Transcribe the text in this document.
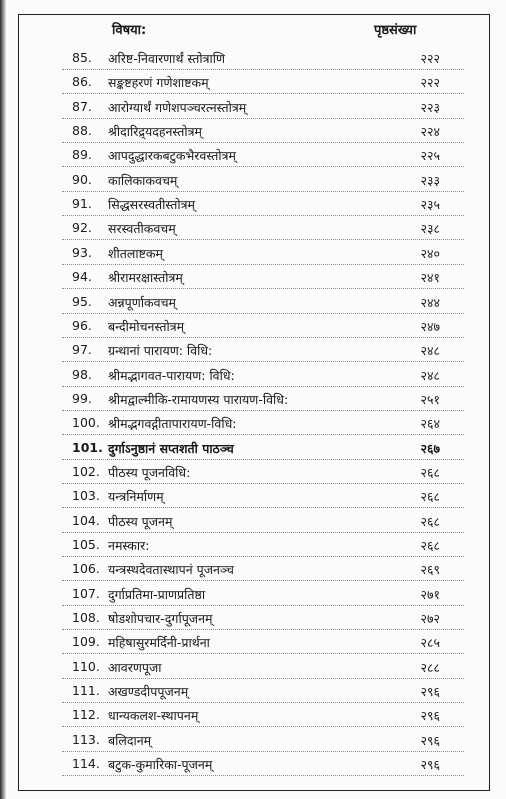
विषया:	पृष्ठसंख्या
85.	अरिष्ट-निवारणार्थं स्तोत्राणि	२२२
86.	सङ्कष्टहरणं गणेशाष्टकम्	२२२
87.	आरोग्यार्थं गणेशपञ्चरत्नस्तोत्रम्	२२३
88.	श्रीदारिद्र्यदहनस्तोत्रम्	२२४
89.	आपदुद्धारकबटुकभैरवस्तोत्रम्	२२५
90.	कालिकाकवचम्	२३३
91.	सिद्धसरस्वतीस्तोत्रम्	२३५
92.	सरस्वतीकवचम्	२३८
93.	शीतलाष्टकम्	२४०
94.	श्रीरामरक्षास्तोत्रम्	२४१
95.	अन्नपूर्णाकवचम्	२४४
96.	बन्दीमोचनस्तोत्रम्	२४७
97.	ग्रन्थानां पारायण: विधि:	२४८
98.	श्रीमद्भागवत-पारायण: विधि:	२४८
99.	श्रीमद्वाल्मीकि-रामायणस्य पारायण-विधि:	२५१
100. श्रीमद्भगवद्गीतापारायण-विधि:	२६४
101. दुर्गाऽनुष्ठानं सप्तशती पाठञ्च	२६७
102. पीठस्य पूजनविधि:	२६८
103. यन्त्रनिर्माणम्	२६८
104. पीठस्य पूजनम्	२६८
105. नमस्कार:	२६८
106. यन्त्रस्थदेवतास्थापनं पूजनञ्च	२६९
107. दुर्गाप्रतिमा-प्राणप्रतिष्ठा	२७१
108. षोडशोपचार-दुर्गापूजनम्	२७२
109. महिषासुरमर्दिनी-प्रार्थना	२८५
110. आवरणपूजा	२८८
111. अखण्डदीपपूजनम्	२९६
112. धान्यकलश-स्थापनम्	२९६
113. बलिदानम्	२९६
114. बटुक-कुमारिका-पूजनम्	२९६
